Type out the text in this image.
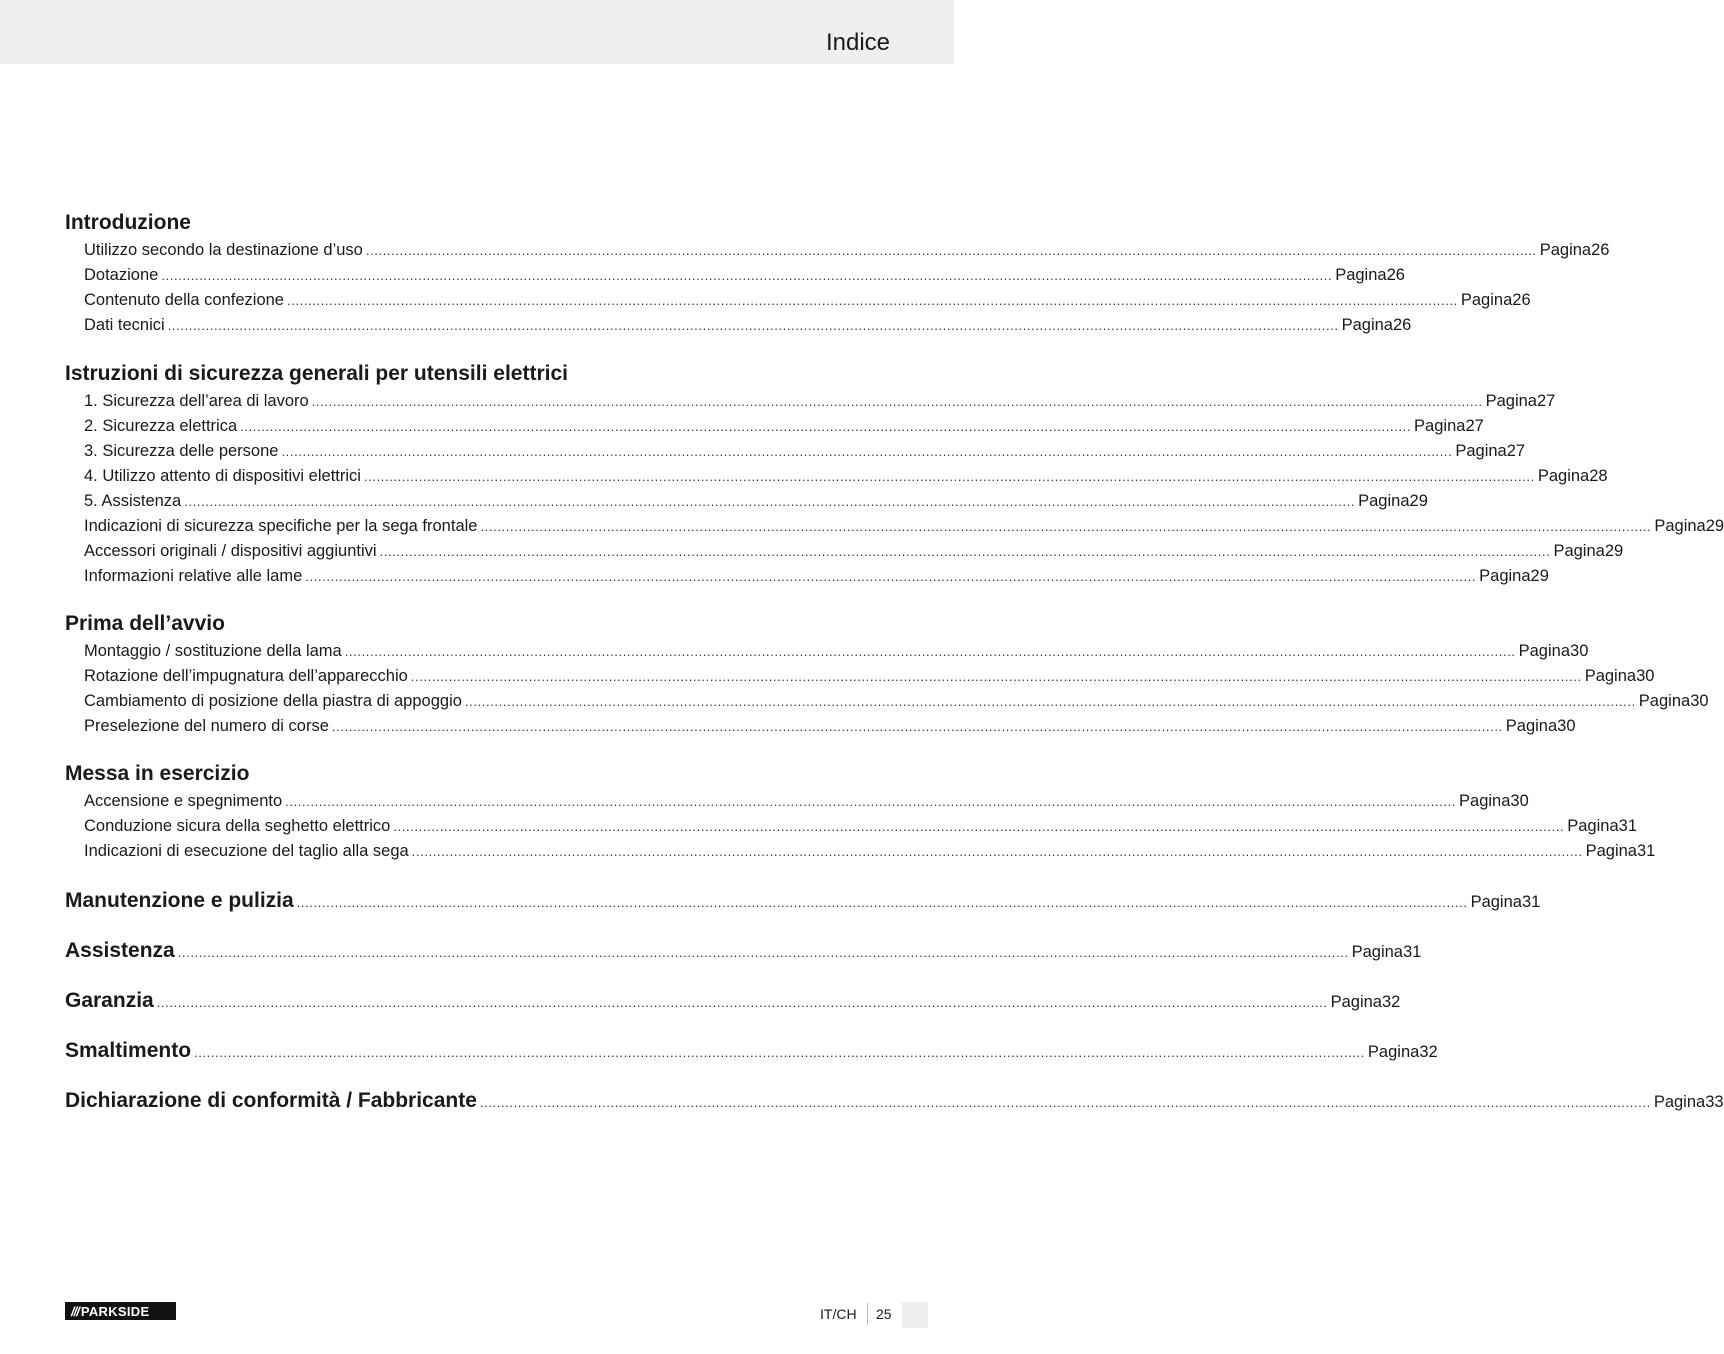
Indice
Introduzione
Utilizzo secondo la destinazione d’uso ...................................................................................................................................................................................................................................................................................... Pagina 26
Dotazione ...................................................................................................................................................................................................................................................................................... Pagina 26
Contenuto della confezione ...................................................................................................................................................................................................................................................................................... Pagina 26
Dati tecnici ...................................................................................................................................................................................................................................................................................... Pagina 26
Istruzioni di sicurezza generali per utensili elettrici
1. Sicurezza dell’area di lavoro ...................................................................................................................................................................................................................................................................................... Pagina 27
2. Sicurezza elettrica ...................................................................................................................................................................................................................................................................................... Pagina 27
3. Sicurezza delle persone ...................................................................................................................................................................................................................................................................................... Pagina 27
4. Utilizzo attento di dispositivi elettrici ...................................................................................................................................................................................................................................................................................... Pagina 28
5. Assistenza ...................................................................................................................................................................................................................................................................................... Pagina 29
Indicazioni di sicurezza specifiche per la sega frontale ...................................................................................................................................................................................................................................................................................... Pagina 29
Accessori originali / dispositivi aggiuntivi ...................................................................................................................................................................................................................................................................................... Pagina 29
Informazioni relative alle lame ...................................................................................................................................................................................................................................................................................... Pagina 29
Prima dell’avvio
Montaggio / sostituzione della lama ...................................................................................................................................................................................................................................................................................... Pagina 30
Rotazione dell’impugnatura dell’apparecchio ...................................................................................................................................................................................................................................................................................... Pagina 30
Cambiamento di posizione della piastra di appoggio ...................................................................................................................................................................................................................................................................................... Pagina 30
Preselezione del numero di corse ...................................................................................................................................................................................................................................................................................... Pagina 30
Messa in esercizio
Accensione e spegnimento ...................................................................................................................................................................................................................................................................................... Pagina 30
Conduzione sicura della seghetto elettrico ...................................................................................................................................................................................................................................................................................... Pagina 31
Indicazioni di esecuzione del taglio alla sega ...................................................................................................................................................................................................................................................................................... Pagina 31
Manutenzione e pulizia ...................................................................................................................................................................................................................................................................................... Pagina 31
Assistenza ...................................................................................................................................................................................................................................................................................... Pagina 31
Garanzia ...................................................................................................................................................................................................................................................................................... Pagina 32
Smaltimento ...................................................................................................................................................................................................................................................................................... Pagina 32
Dichiarazione di conformità / Fabbricante ...................................................................................................................................................................................................................................................................................... Pagina 33
/// PARKSIDE	IT/CH 25
